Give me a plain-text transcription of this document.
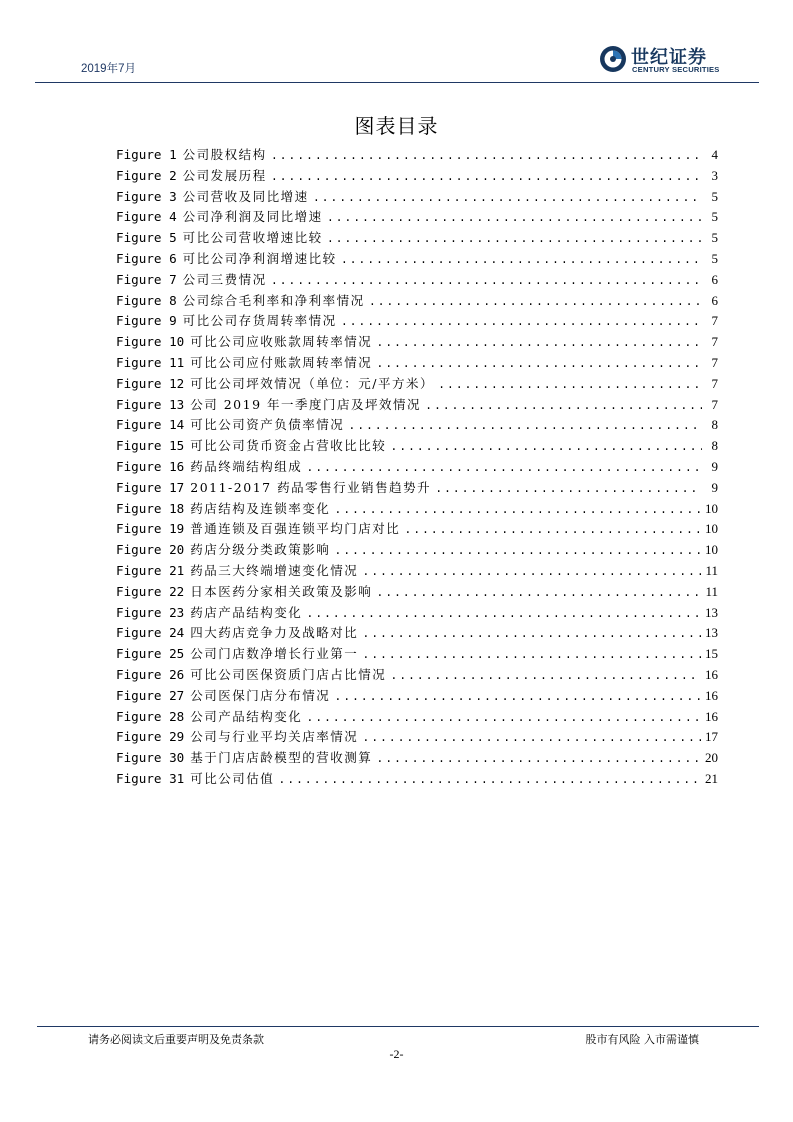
2019年7月
世纪证券
CENTURY SECURITIES
图表目录
Figure 1 公司股权结构 .....	4
Figure 2 公司发展历程 .....	3
Figure 3 公司营收及同比增速 .....	5
Figure 4 公司净利润及同比增速 .....	5
Figure 5 可比公司营收增速比较 .....	5
Figure 6 可比公司净利润增速比较 .....	5
Figure 7 公司三费情况 .....	6
Figure 8 公司综合毛利率和净利率情况 .....	6
Figure 9 可比公司存货周转率情况 .....	7
Figure 10 可比公司应收账款周转率情况 .....	7
Figure 11 可比公司应付账款周转率情况 .....	7
Figure 12 可比公司坪效情况（单位：元/平方米） .....	7
Figure 13 公司 2019 年一季度门店及坪效情况 .....	7
Figure 14 可比公司资产负债率情况 .....	8
Figure 15 可比公司货币资金占营收比比较 .....	8
Figure 16 药品终端结构组成 .....	9
Figure 17 2011-2017 药品零售行业销售趋势升 .....	9
Figure 18 药店结构及连锁率变化 .....	10
Figure 19 普通连锁及百强连锁平均门店对比 .....	10
Figure 20 药店分级分类政策影响 .....	10
Figure 21 药品三大终端增速变化情况 .....	11
Figure 22 日本医药分家相关政策及影响 .....	11
Figure 23 药店产品结构变化 .....	13
Figure 24 四大药店竞争力及战略对比 .....	13
Figure 25 公司门店数净增长行业第一 .....	15
Figure 26 可比公司医保资质门店占比情况 .....	16
Figure 27 公司医保门店分布情况 .....	16
Figure 28 公司产品结构变化 .....	16
Figure 29 公司与行业平均关店率情况 .....	17
Figure 30 基于门店店龄模型的营收测算 .....	20
Figure 31 可比公司估值 .....	21
请务必阅读文后重要声明及免责条款	股市有风险 入市需谨慎
-2-
